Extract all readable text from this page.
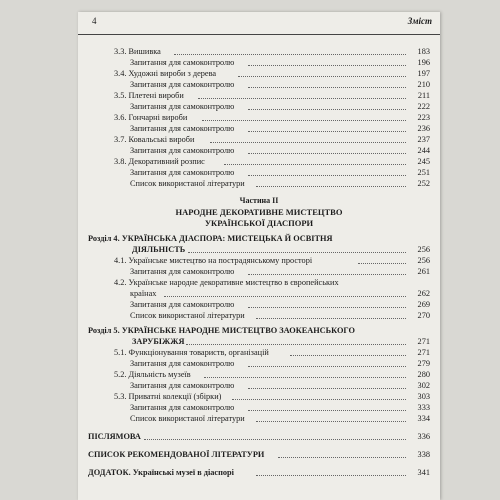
4	Зміст
3.3. Вишивка	183
Запитання для самоконтролю	196
3.4. Художні вироби з дерева	197
Запитання для самоконтролю	210
3.5. Плетені вироби	211
Запитання для самоконтролю	222
3.6. Гончарні вироби	223
Запитання для самоконтролю	236
3.7. Ковальські вироби	237
Запитання для самоконтролю	244
3.8. Декоративний розпис	245
Запитання для самоконтролю	251
Список використаної літератури	252
Частина ІІ
НАРОДНЕ ДЕКОРАТИВНЕ МИСТЕЦТВО
УКРАЇНСЬКОЇ ДІАСПОРИ
Розділ 4. УКРАЇНСЬКА ДІАСПОРА: МИСТЕЦЬКА Й ОСВІТНЯ
ДІЯЛЬНІСТЬ	256
4.1. Українське мистецтво на пострадянському просторі	256
Запитання для самоконтролю	261
4.2. Українське народне декоративне мистецтво в європейських
країнах	262
Запитання для самоконтролю	269
Список використаної літератури	270
Розділ 5. УКРАЇНСЬКЕ НАРОДНЕ МИСТЕЦТВО ЗАОКЕАНСЬКОГО
ЗАРУБІЖЖЯ	271
5.1. Функціонування товариств, організацій	271
Запитання для самоконтролю	279
5.2. Діяльність музеїв	280
Запитання для самоконтролю	302
5.3. Приватні колекції (збірки)	303
Запитання для самоконтролю	333
Список використаної літератури	334
ПІСЛЯМОВА	336
СПИСОК РЕКОМЕНДОВАНОЇ ЛІТЕРАТУРИ	338
ДОДАТОК. Українські музеї в діаспорі	341
